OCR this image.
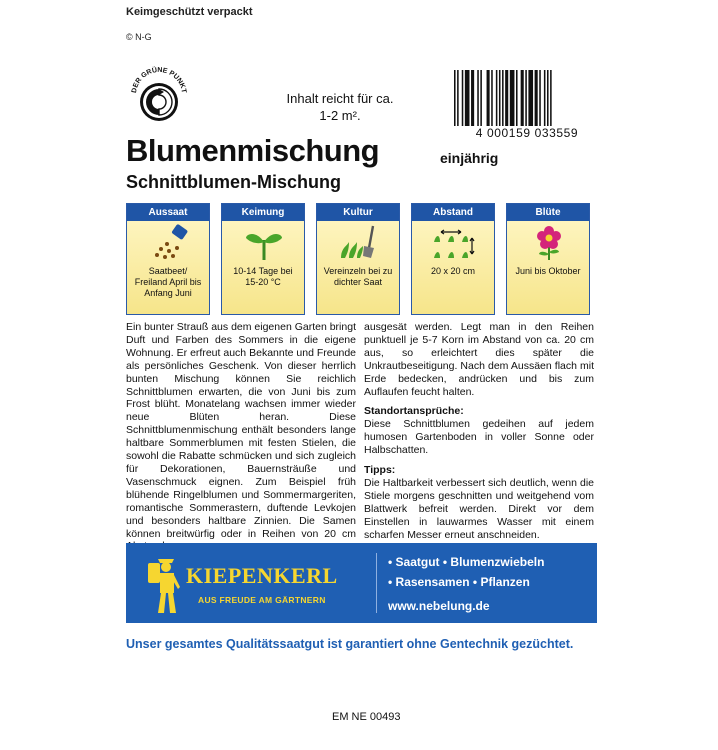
Keimgeschützt verpackt
© N-G
DER GRÜNE PUNKT
Inhalt reicht für ca. 1-2 m².
4 000159 033559
Blumenmischung	einjährig
Schnittblumen-Mischung
Aussaat
Saatbeet/ Freiland April bis Anfang Juni
Keimung
10-14 Tage bei 15-20 °C
Kultur
Vereinzeln bei zu dichter Saat
Abstand
20 x 20 cm
Blüte
Juni bis Oktober
Ein bunter Strauß aus dem eigenen Garten bringt Duft und Farben des Sommers in die eigene Wohnung. Er erfreut auch Bekannte und Freunde als persönliches Geschenk. Von dieser herrlich bunten Mischung können Sie reichlich Schnittblumen erwarten, die von Juni bis zum Frost blüht. Monatelang wachsen immer wieder neue Blüten heran. Diese Schnittblumenmischung enthält besonders lange haltbare Sommerblumen mit festen Stielen, die sowohl die Rabatte schmücken und sich zugleich für Dekorationen, Bauernsträuße und Vasenschmuck eignen. Zum Beispiel früh blühende Ringelblumen und Sommermargeriten, romantische Sommerastern, duftende Levkojen und besonders haltbare Zinnien. Die Samen können breitwürfig oder in Reihen von 20 cm
ausgesät werden. Legt man in den Reihen punktuell je 5-7 Korn im Abstand von ca. 20 cm aus, so erleichtert dies später die Unkrautbeseitigung. Nach dem Aussäen flach mit Erde bedecken, andrücken und bis zum Auflaufen feucht halten.
Standortansprüche:
Diese Schnittblumen gedeihen auf jedem humosen Gartenboden in voller Sonne oder Halbschatten.
Tipps:
Die Haltbarkeit verbessert sich deutlich, wenn die Stiele morgens geschnitten und weitgehend vom Blattwerk befreit werden. Direkt vor dem Einstellen in lauwarmes Wasser mit einem scharfen Messer erneut anschneiden.
KIEPENKERL
AUS FREUDE AM GÄRTNERN
• Saatgut • Blumenzwiebeln
• Rasensamen • Pflanzen
www.nebelung.de
Unser gesamtes Qualitätssaatgut ist garantiert ohne Gentechnik gezüchtet.
EM NE 00493
